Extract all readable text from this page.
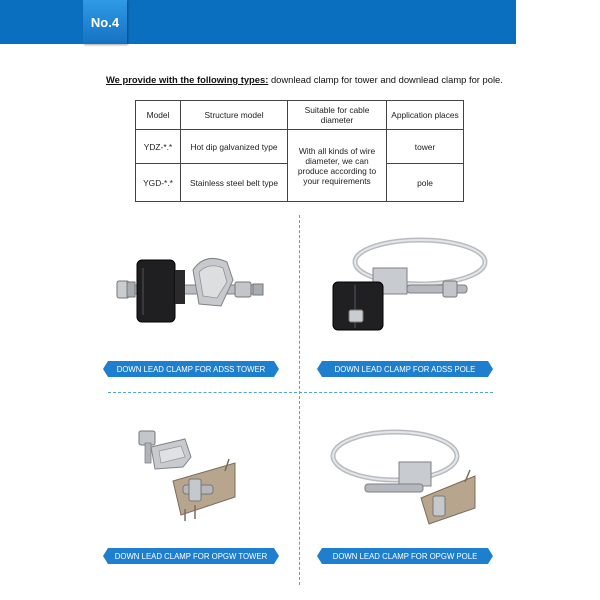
No.4
We provide with the following types: downlead clamp for tower and downlead clamp for pole.
Model	Structure model	Suitable for cable diameter	Application places
YDZ-*.*	Hot dip galvanized type	With all kinds of wire diameter, we can produce according to your requirements	tower
YGD-*.*	Stainless steel belt type		pole
DOWN LEAD CLAMP FOR ADSS TOWER	DOWN LEAD CLAMP FOR ADSS POLE
DOWN LEAD CLAMP FOR OPGW TOWER	DOWN LEAD CLAMP FOR OPGW POLE
